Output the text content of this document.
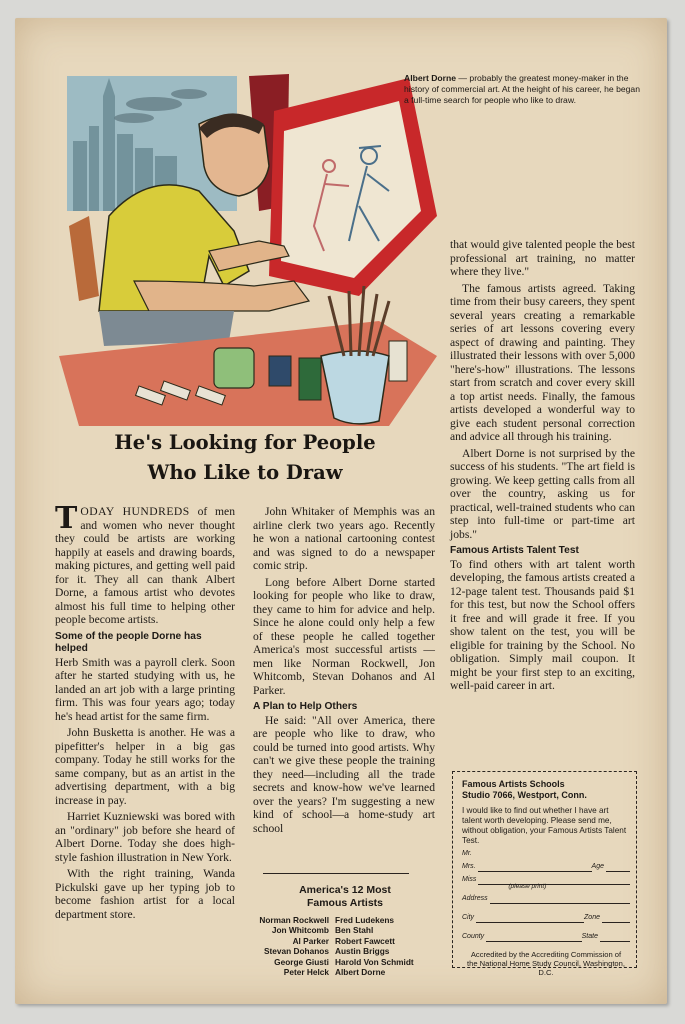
Albert Dorne — probably the greatest money-maker in the history of commercial art. At the height of his career, he began a full-time search for people who like to draw.
He's Looking for People
Who Like to Draw

TODAY HUNDREDS of men and women who never thought they could be artists are working happily at easels and drawing boards, making pictures, and getting well paid for it. They all can thank Albert Dorne, a famous artist who devotes almost his full time to helping other people become artists.

Some of the people Dorne has helped

Herb Smith was a payroll clerk. Soon after he started studying with us, he landed an art job with a large printing firm. This was four years ago; today he's head artist for the same firm.

John Busketta is another. He was a pipefitter's helper in a big gas company. Today he still works for the same company, but as an artist in the advertising department, with a big increase in pay.

Harriet Kuzniewski was bored with an "ordinary" job before she heard of Albert Dorne. Today she does high-style fashion illustration in New York.

With the right training, Wanda Pickulski gave up her typing job to become fashion artist for a local department store.

John Whitaker of Memphis was an airline clerk two years ago. Recently he won a national cartooning contest and was signed to do a newspaper comic strip.

Long before Albert Dorne started looking for people who like to draw, they came to him for advice and help. Since he alone could only help a few of these people he called together America's most successful artists —men like Norman Rockwell, Jon Whitcomb, Stevan Dohanos and Al Parker.

A Plan to Help Others

He said: "All over America, there are people who like to draw, who could be turned into good artists. Why can't we give these people the training they need—including all the trade secrets and know-how we've learned over the years? I'm suggesting a new kind of school—a home-study art school

that would give talented people the best professional art training, no matter where they live."

The famous artists agreed. Taking time from their busy careers, they spent several years creating a remarkable series of art lessons covering every aspect of drawing and painting. They illustrated their lessons with over 5,000 "here's-how" illustrations. The lessons start from scratch and cover every skill a top artist needs. Finally, the famous artists developed a wonderful way to give each student personal correction and advice all through his training.

Albert Dorne is not surprised by the success of his students. "The art field is growing. We keep getting calls from all over the country, asking us for practical, well-trained students who can step into full-time or part-time art jobs."

Famous Artists Talent Test

To find others with art talent worth developing, the famous artists created a 12-page talent test. Thousands paid $1 for this test, but now the School offers it free and will grade it free. If you show talent on the test, you will be eligible for training by the School. No obligation. Simply mail coupon. It might be your first step to an exciting, well-paid career in art.

America's 12 Most
Famous Artists
Norman Rockwell Fred Ludekens
Jon Whitcomb Ben Stahl
Al Parker Robert Fawcett
Stevan Dohanos Austin Briggs
George Giusti Harold Von Schmidt
Peter Helck Albert Dorne
Famous Artists Schools
Studio 7066, Westport, Conn.
I would like to find out whether I have art talent worth developing. Please send me, without obligation, your Famous Artists Talent Test.
Mr.
Mrs.	Age
Miss
(please print)
Address
City	Zone
County	State
Accredited by the Accrediting Commission of the National Home Study Council, Washington, D.C.
